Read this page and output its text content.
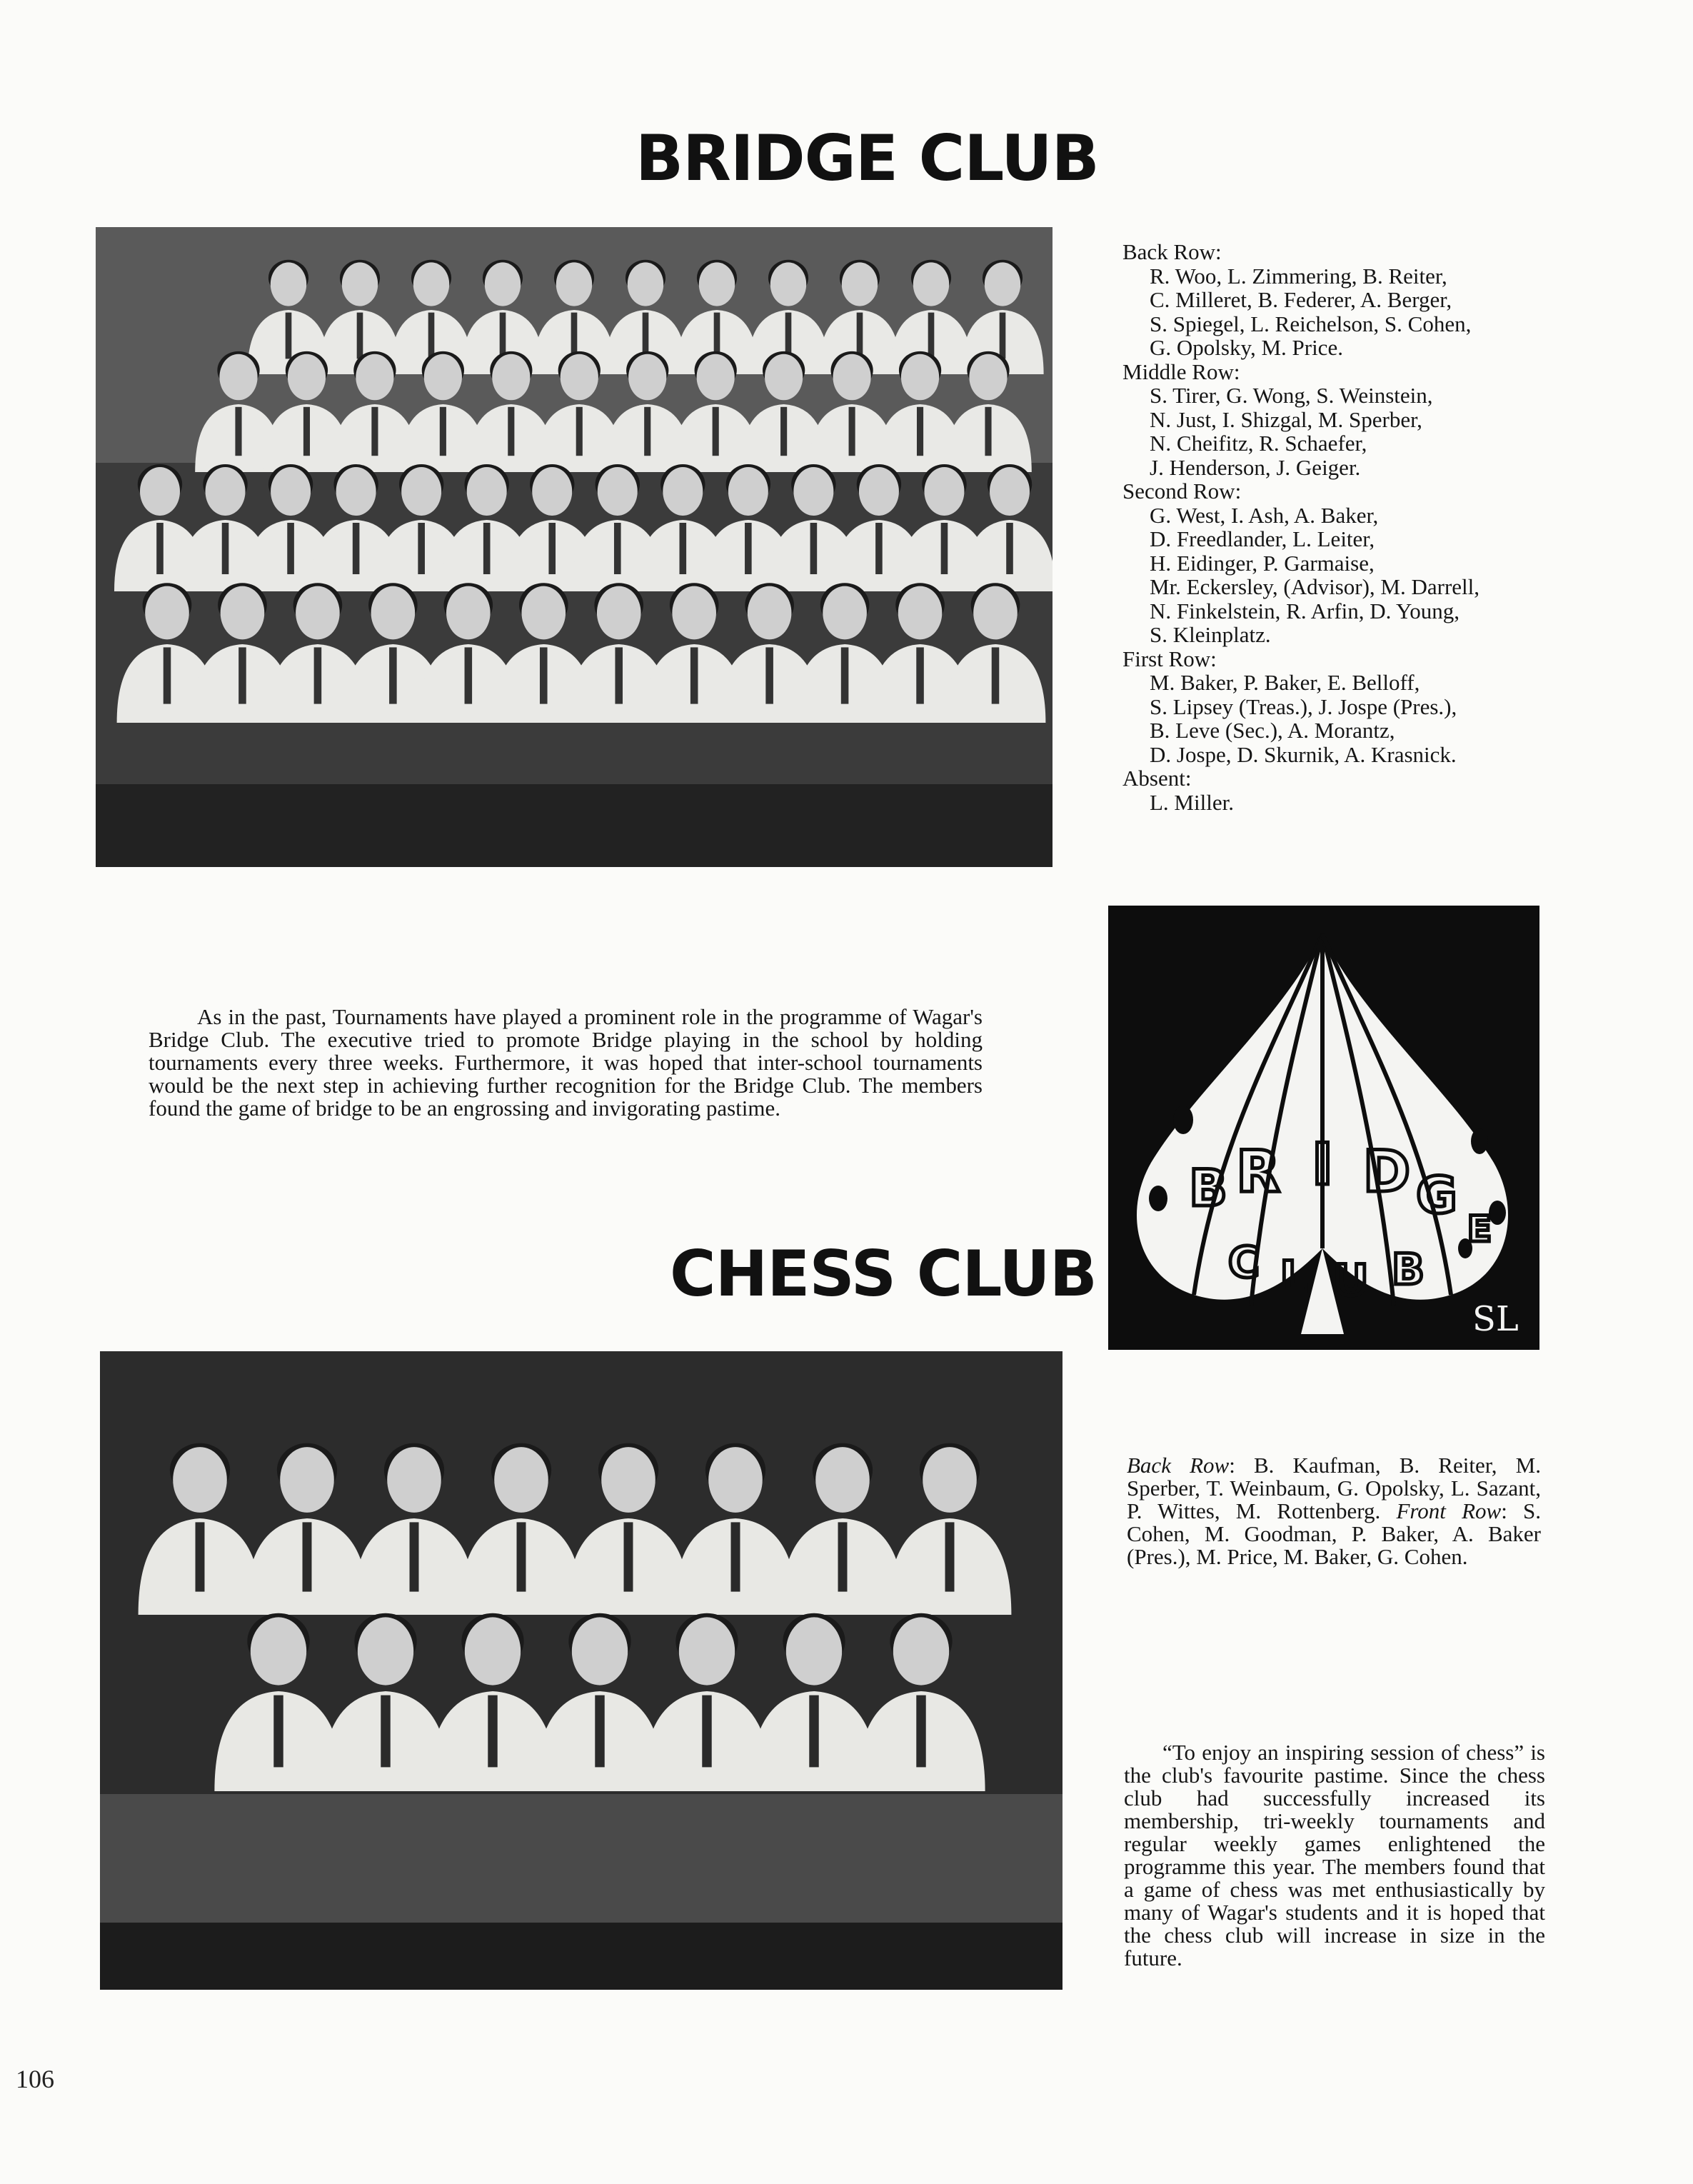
BRIDGE CLUB
Back Row:
R. Woo, L. Zimmering, B. Reiter,
C. Milleret, B. Federer, A. Berger,
S. Spiegel, L. Reichelson, S. Cohen,
G. Opolsky, M. Price.
Middle Row:
S. Tirer, G. Wong, S. Weinstein,
N. Just, I. Shizgal, M. Sperber,
N. Cheifitz, R. Schaefer,
J. Henderson, J. Geiger.
Second Row:
G. West, I. Ash, A. Baker,
D. Freedlander, L. Leiter,
H. Eidinger, P. Garmaise,
Mr. Eckersley, (Advisor), M. Darrell,
N. Finkelstein, R. Arfin, D. Young,
S. Kleinplatz.
First Row:
M. Baker, P. Baker, E. Belloff,
S. Lipsey (Treas.), J. Jospe (Pres.),
B. Leve (Sec.), A. Morantz,
D. Jospe, D. Skurnik, A. Krasnick.
Absent:
L. Miller.

As in the past, Tournaments have played a prominent role in the programme of Wagar's Bridge Club. The executive tried to promote Bridge playing in the school by holding tournaments every three weeks. Furthermore, it was hoped that inter-school tournaments would be the next step in achieving further recognition for the Bridge Club. The members found the game of bridge to be an engrossing and invigorating pastime.

B R I D G
E
C L U B
SL
CHESS CLUB

Back Row: B. Kaufman, B. Reiter, M. Sperber, T. Weinbaum, G. Opolsky, L. Sazant, P. Wittes, M. Rottenberg. Front Row: S. Cohen, M. Goodman, P. Baker, A. Baker (Pres.), M. Price, M. Baker, G. Cohen.

“To enjoy an inspiring session of chess” is the club's favourite pastime. Since the chess club had successfully increased its membership, tri-weekly tournaments and regular weekly games enlightened the programme this year. The members found that a game of chess was met enthusiastically by many of Wagar's students and it is hoped that the chess club will increase in size in the future.

106
